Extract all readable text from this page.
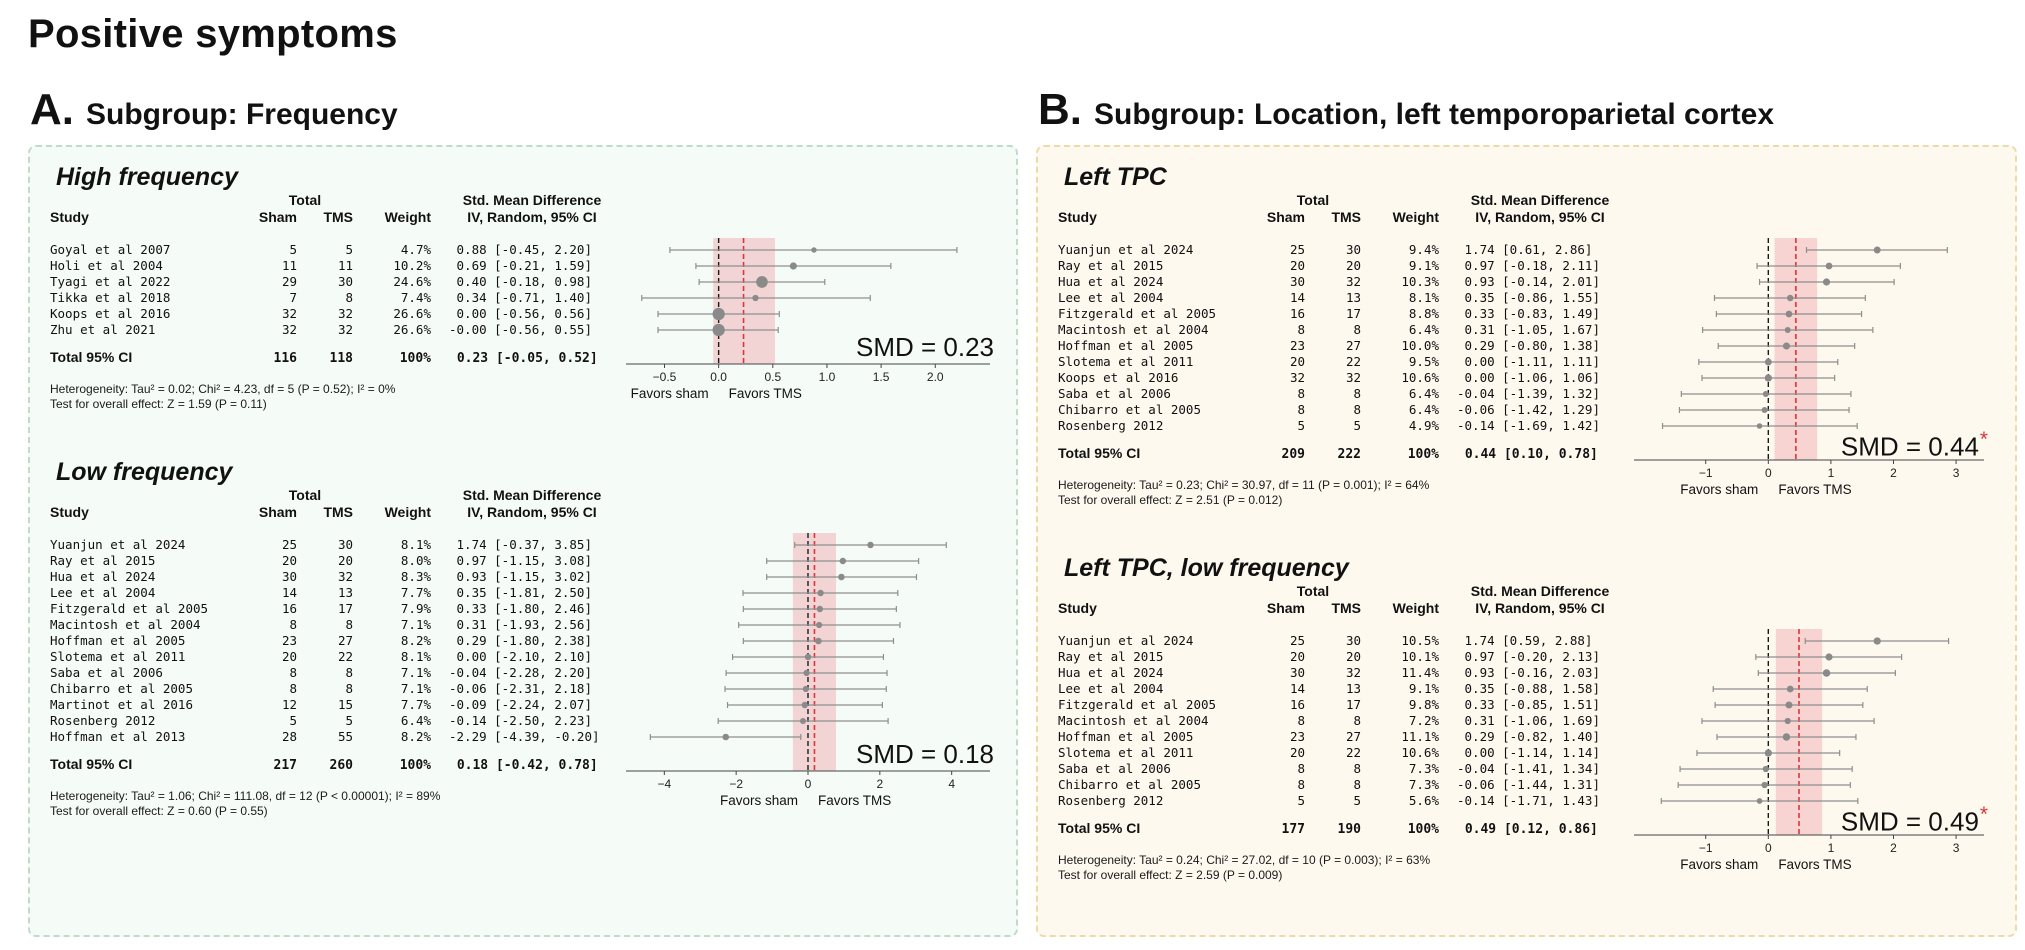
Positive symptoms
A. Subgroup: Frequency
High frequency
Total	Std. Mean Difference
Study	Sham	TMS	Weight	IV, Random, 95% CI
Goyal et al 2007	5	5	4.7%	0.88 [-0.45, 2.20]
Holi et al 2004	11	11	10.2%	0.69 [-0.21, 1.59]
Tyagi et al 2022	29	30	24.6%	0.40 [-0.18, 0.98]
Tikka et al 2018	7	8	7.4%	0.34 [-0.71, 1.40]
Koops et al 2016	32	32	26.6%	0.00 [-0.56, 0.56]
Zhu et al 2021	32	32	26.6%	-0.00 [-0.56, 0.55]
Total 95% CI	116	118	100%	0.23 [-0.05, 0.52]
Heterogeneity: Tau² = 0.02; Chi² = 4.23, df = 5 (P = 0.52); I² = 0%
Test for overall effect: Z = 1.59 (P = 0.11)
−0.5	0.0	0.5	1.0	1.5	2.0
Favors sham Favors TMS
SMD = 0.23
Low frequency
Total	Std. Mean Difference
Study	Sham	TMS	Weight	IV, Random, 95% CI
Yuanjun et al 2024	25	30	8.1%	1.74 [-0.37, 3.85]
Ray et al 2015	20	20	8.0%	0.97 [-1.15, 3.08]
Hua et al 2024	30	32	8.3%	0.93 [-1.15, 3.02]
Lee et al 2004	14	13	7.7%	0.35 [-1.81, 2.50]
Fitzgerald et al 2005	16	17	7.9%	0.33 [-1.80, 2.46]
Macintosh et al 2004	8	8	7.1%	0.31 [-1.93, 2.56]
Hoffman et al 2005	23	27	8.2%	0.29 [-1.80, 2.38]
Slotema et al 2011	20	22	8.1%	0.00 [-2.10, 2.10]
Saba et al 2006	8	8	7.1%	-0.04 [-2.28, 2.20]
Chibarro et al 2005	8	8	7.1%	-0.06 [-2.31, 2.18]
Martinot et al 2016	12	15	7.7%	-0.09 [-2.24, 2.07]
Rosenberg 2012	5	5	6.4%	-0.14 [-2.50, 2.23]
Hoffman et al 2013	28	55	8.2%	-2.29 [-4.39, -0.20]
Total 95% CI	217	260	100%	0.18 [-0.42, 0.78]
Heterogeneity: Tau² = 1.06; Chi² = 111.08, df = 12 (P < 0.00001); I² = 89%
Test for overall effect: Z = 0.60 (P = 0.55)
−4	−2	0	2	4
Favors sham Favors TMS
SMD = 0.18
B. Subgroup: Location, left temporoparietal cortex
Left TPC
Total	Std. Mean Difference
Study	Sham	TMS	Weight	IV, Random, 95% CI
Yuanjun et al 2024	25	30	9.4%	1.74 [0.61, 2.86]
Ray et al 2015	20	20	9.1%	0.97 [-0.18, 2.11]
Hua et al 2024	30	32	10.3%	0.93 [-0.14, 2.01]
Lee et al 2004	14	13	8.1%	0.35 [-0.86, 1.55]
Fitzgerald et al 2005	16	17	8.8%	0.33 [-0.83, 1.49]
Macintosh et al 2004	8	8	6.4%	0.31 [-1.05, 1.67]
Hoffman et al 2005	23	27	10.0%	0.29 [-0.80, 1.38]
Slotema et al 2011	20	22	9.5%	0.00 [-1.11, 1.11]
Koops et al 2016	32	32	10.6%	0.00 [-1.06, 1.06]
Saba et al 2006	8	8	6.4%	-0.04 [-1.39, 1.32]
Chibarro et al 2005	8	8	6.4%	-0.06 [-1.42, 1.29]
Rosenberg 2012	5	5	4.9%	-0.14 [-1.69, 1.42]
Total 95% CI	209	222	100%	0.44 [0.10, 0.78]
Heterogeneity: Tau² = 0.23; Chi² = 30.97, df = 11 (P = 0.001); I² = 64%
Test for overall effect: Z = 2.51 (P = 0.012)
−1	0	1	2	3
Favors sham Favors TMS
SMD = 0.44*
Left TPC, low frequency
Total	Std. Mean Difference
Study	Sham	TMS	Weight	IV, Random, 95% CI
Yuanjun et al 2024	25	30	10.5%	1.74 [0.59, 2.88]
Ray et al 2015	20	20	10.1%	0.97 [-0.20, 2.13]
Hua et al 2024	30	32	11.4%	0.93 [-0.16, 2.03]
Lee et al 2004	14	13	9.1%	0.35 [-0.88, 1.58]
Fitzgerald et al 2005	16	17	9.8%	0.33 [-0.85, 1.51]
Macintosh et al 2004	8	8	7.2%	0.31 [-1.06, 1.69]
Hoffman et al 2005	23	27	11.1%	0.29 [-0.82, 1.40]
Slotema et al 2011	20	22	10.6%	0.00 [-1.14, 1.14]
Saba et al 2006	8	8	7.3%	-0.04 [-1.41, 1.34]
Chibarro et al 2005	8	8	7.3%	-0.06 [-1.44, 1.31]
Rosenberg 2012	5	5	5.6%	-0.14 [-1.71, 1.43]
Total 95% CI	177	190	100%	0.49 [0.12, 0.86]
Heterogeneity: Tau² = 0.24; Chi² = 27.02, df = 10 (P = 0.003); I² = 63%
Test for overall effect: Z = 2.59 (P = 0.009)
−1	0	1	2	3
Favors sham Favors TMS
SMD = 0.49*
